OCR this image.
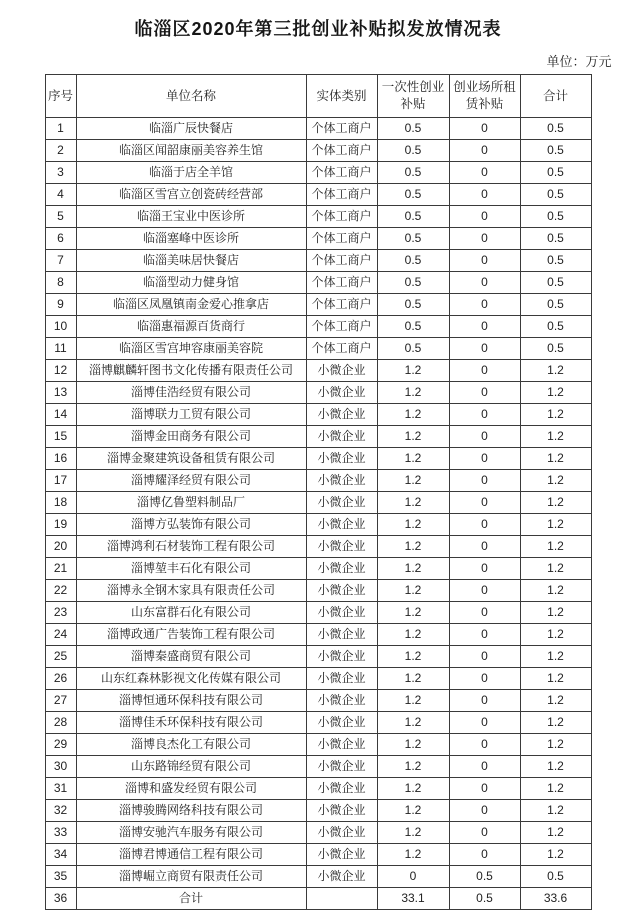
临淄区2020年第三批创业补贴拟发放情况表
单位：万元
序号	单位名称	实体类别	一次性创业补贴	创业场所租赁补贴	合计
1	临淄广辰快餐店	个体工商户	0.5	0	0.5
2	临淄区闻韶康丽美容养生馆	个体工商户	0.5	0	0.5
3	临淄于店全羊馆	个体工商户	0.5	0	0.5
4	临淄区雪宫立创瓷砖经营部	个体工商户	0.5	0	0.5
5	临淄王宝业中医诊所	个体工商户	0.5	0	0.5
6	临淄塞峰中医诊所	个体工商户	0.5	0	0.5
7	临淄美味居快餐店	个体工商户	0.5	0	0.5
8	临淄型动力健身馆	个体工商户	0.5	0	0.5
9	临淄区凤凰镇南金爱心推拿店	个体工商户	0.5	0	0.5
10	临淄惠福源百货商行	个体工商户	0.5	0	0.5
11	临淄区雪宫坤容康丽美容院	个体工商户	0.5	0	0.5
12	淄博麒麟轩图书文化传播有限责任公司	小微企业	1.2	0	1.2
13	淄博佳浩经贸有限公司	小微企业	1.2	0	1.2
14	淄博联力工贸有限公司	小微企业	1.2	0	1.2
15	淄博金田商务有限公司	小微企业	1.2	0	1.2
16	淄博金聚建筑设备租赁有限公司	小微企业	1.2	0	1.2
17	淄博耀泽经贸有限公司	小微企业	1.2	0	1.2
18	淄博亿鲁塑料制品厂	小微企业	1.2	0	1.2
19	淄博方弘装饰有限公司	小微企业	1.2	0	1.2
20	淄博鸿利石材装饰工程有限公司	小微企业	1.2	0	1.2
21	淄博堃丰石化有限公司	小微企业	1.2	0	1.2
22	淄博永全钢木家具有限责任公司	小微企业	1.2	0	1.2
23	山东富群石化有限公司	小微企业	1.2	0	1.2
24	淄博政通广告装饰工程有限公司	小微企业	1.2	0	1.2
25	淄博秦盛商贸有限公司	小微企业	1.2	0	1.2
26	山东红森林影视文化传媒有限公司	小微企业	1.2	0	1.2
27	淄博恒通环保科技有限公司	小微企业	1.2	0	1.2
28	淄博佳禾环保科技有限公司	小微企业	1.2	0	1.2
29	淄博良杰化工有限公司	小微企业	1.2	0	1.2
30	山东路锦经贸有限公司	小微企业	1.2	0	1.2
31	淄博和盛发经贸有限公司	小微企业	1.2	0	1.2
32	淄博骏腾网络科技有限公司	小微企业	1.2	0	1.2
33	淄博安驰汽车服务有限公司	小微企业	1.2	0	1.2
34	淄博君博通信工程有限公司	小微企业	1.2	0	1.2
35	淄博崛立商贸有限责任公司	小微企业	0	0.5	0.5
36	合计		33.1	0.5	33.6
